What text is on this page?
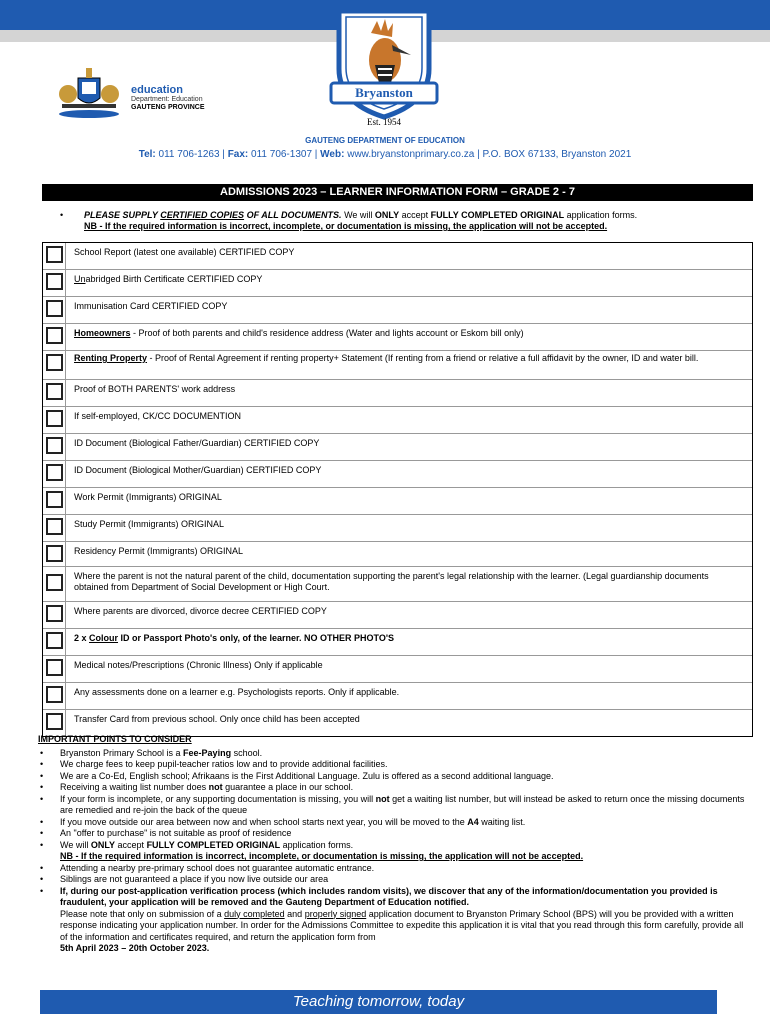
education
Department: Education
GAUTENG PROVINCE
Bryanston
Est. 1954
GAUTENG DEPARTMENT OF EDUCATION
Tel: 011 706-1263 | Fax: 011 706-1307 | Web: www.bryanstonprimary.co.za | P.O. BOX 67133, Bryanston 2021
ADMISSIONS 2023 – LEARNER INFORMATION FORM – GRADE 2 - 7
• PLEASE SUPPLY CERTIFIED COPIES OF ALL DOCUMENTS. We will ONLY accept FULLY COMPLETED ORIGINAL application forms.
NB - If the required information is incorrect, incomplete, or documentation is missing, the application will not be accepted.
School Report (latest one available) CERTIFIED COPY
Unabridged Birth Certificate CERTIFIED COPY
Immunisation Card CERTIFIED COPY
Homeowners - Proof of both parents and child's residence address (Water and lights account or Eskom bill only)
Renting Property - Proof of Rental Agreement if renting property+ Statement (If renting from a friend or relative a full affidavit by the owner, ID and water bill.
Proof of BOTH PARENTS' work address
If self-employed, CK/CC DOCUMENTION
ID Document (Biological Father/Guardian) CERTIFIED COPY
ID Document (Biological Mother/Guardian) CERTIFIED COPY
Work Permit (Immigrants) ORIGINAL
Study Permit (Immigrants) ORIGINAL
Residency Permit (Immigrants) ORIGINAL
Where the parent is not the natural parent of the child, documentation supporting the parent's legal relationship with the learner. (Legal guardianship documents obtained from Department of Social Development or High Court.
Where parents are divorced, divorce decree CERTIFIED COPY
2 x Colour ID or Passport Photo's only, of the learner. NO OTHER PHOTO'S
Medical notes/Prescriptions (Chronic Illness) Only if applicable
Any assessments done on a learner e.g. Psychologists reports. Only if applicable.
Transfer Card from previous school. Only once child has been accepted
IMPORTANT POINTS TO CONSIDER
• Bryanston Primary School is a Fee-Paying school.
• We charge fees to keep pupil-teacher ratios low and to provide additional facilities.
• We are a Co-Ed, English school; Afrikaans is the First Additional Language. Zulu is offered as a second additional language.
• Receiving a waiting list number does not guarantee a place in our school.
• If your form is incomplete, or any supporting documentation is missing, you will not get a waiting list number, but will instead be asked to return once the missing documents are remedied and re-join the back of the queue
• If you move outside our area between now and when school starts next year, you will be moved to the A4 waiting list.
• An "offer to purchase" is not suitable as proof of residence
• We will ONLY accept FULLY COMPLETED ORIGINAL application forms.
NB - If the required information is incorrect, incomplete, or documentation is missing, the application will not be accepted.
• Attending a nearby pre-primary school does not guarantee automatic entrance.
• Siblings are not guaranteed a place if you now live outside our area
• If, during our post-application verification process (which includes random visits), we discover that any of the information/documentation you provided is fraudulent, your application will be removed and the Gauteng Department of Education notified.
Please note that only on submission of a duly completed and properly signed application document to Bryanston Primary School (BPS) will you be provided with a written response indicating your application number. In order for the Admissions Committee to expedite this application it is vital that you read through this form carefully, provide all of the information and certificates required, and return the application form from
5th April 2023 – 20th October 2023.
Teaching tomorrow, today
